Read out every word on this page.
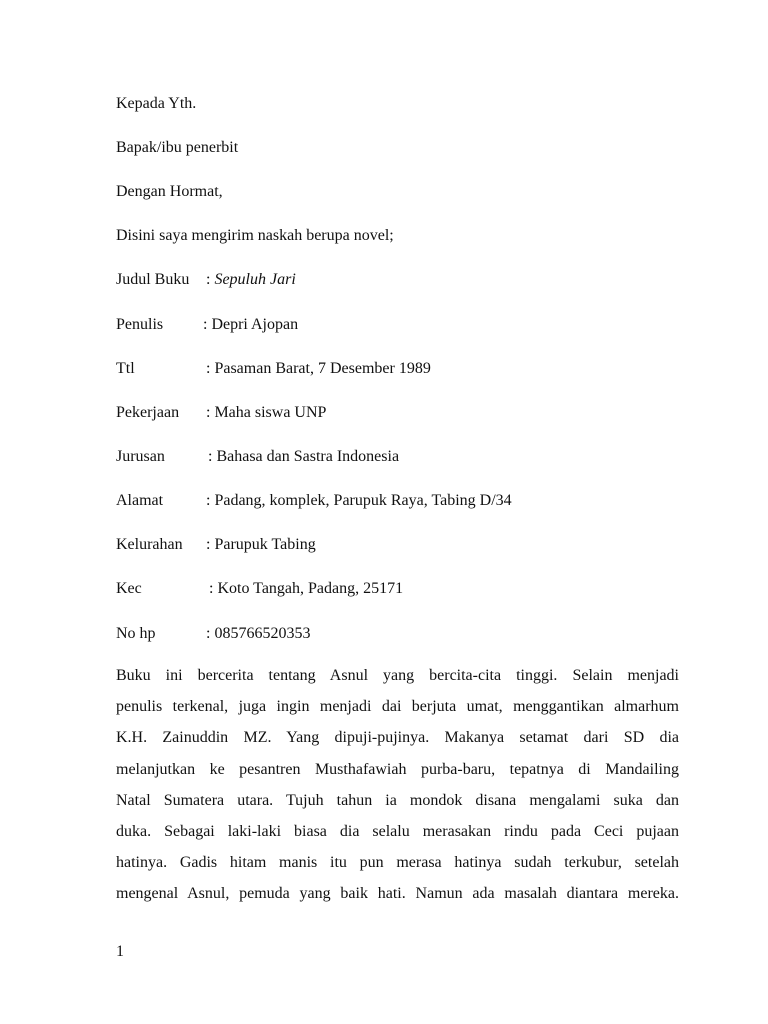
Kepada Yth.
Bapak/ibu penerbit
Dengan Hormat,
Disini saya mengirim naskah berupa novel;
Judul Buku : Sepuluh Jari
Penulis : Depri Ajopan
Ttl	: Pasaman Barat, 7 Desember 1989
Pekerjaan : Maha siswa UNP
Jurusan	: Bahasa dan Sastra Indonesia
Alamat	: Padang, komplek, Parupuk Raya, Tabing D/34
Kelurahan : Parupuk Tabing
Kec	: Koto Tangah, Padang, 25171
No hp	: 085766520353
Buku ini bercerita tentang Asnul yang bercita-cita tinggi. Selain menjadi
penulis terkenal, juga ingin menjadi dai berjuta umat, menggantikan almarhum
K.H. Zainuddin MZ. Yang dipuji-pujinya. Makanya setamat dari SD dia
melanjutkan ke pesantren Musthafawiah purba-baru, tepatnya di Mandailing
Natal Sumatera utara. Tujuh tahun ia mondok disana mengalami suka dan
duka. Sebagai laki-laki biasa dia selalu merasakan rindu pada Ceci pujaan
hatinya. Gadis hitam manis itu pun merasa hatinya sudah terkubur, setelah
mengenal Asnul, pemuda yang baik hati. Namun ada masalah diantara mereka.
1
